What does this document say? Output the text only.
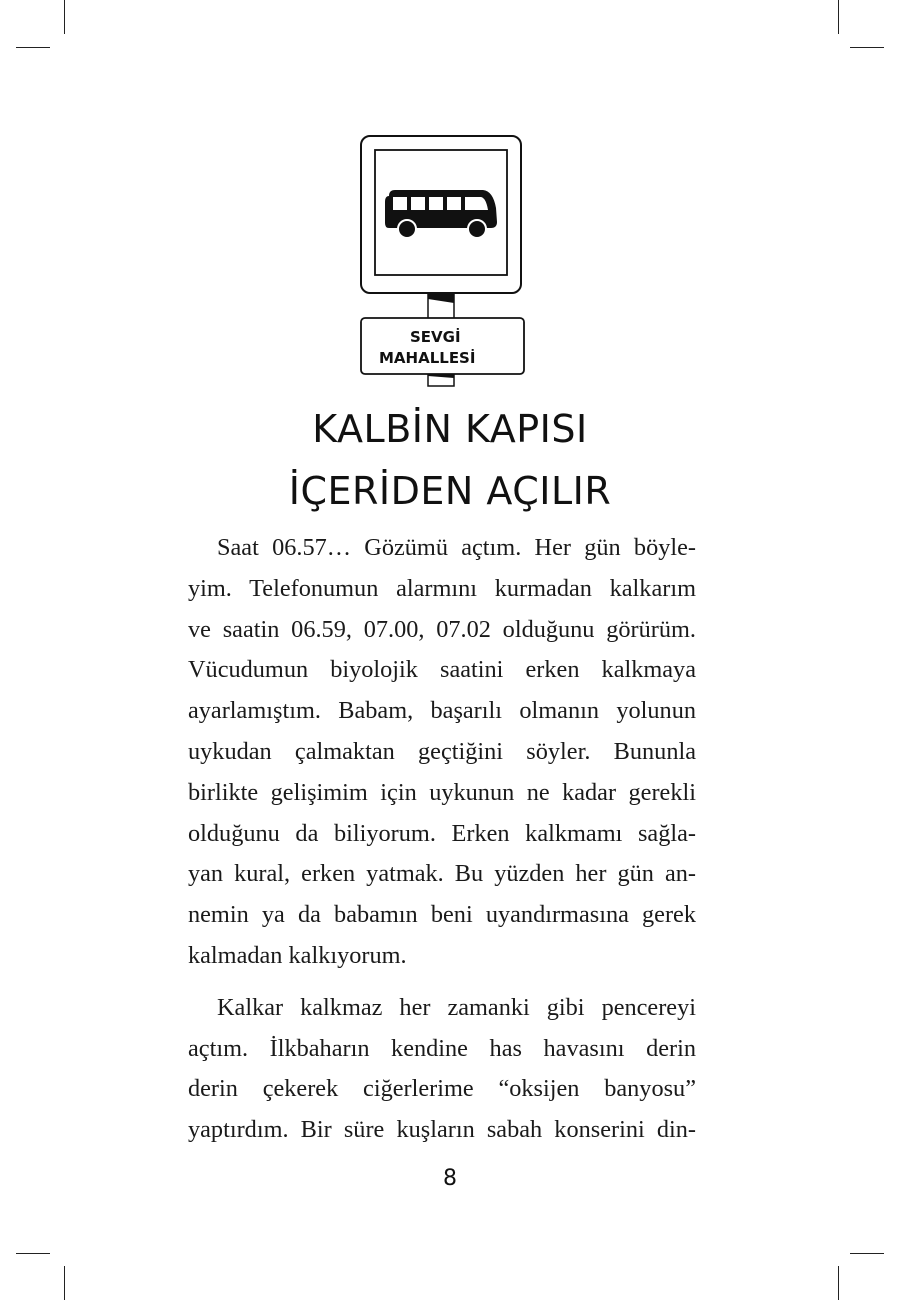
SEVGİ
MAHALLESİ
KALBİN KAPISI
İÇERİDEN AÇILIR

Saat 06.57… Gözümü açtım. Her gün böyle-
yim. Telefonumun alarmını kurmadan kalkarım
ve saatin 06.59, 07.00, 07.02 olduğunu görürüm.
Vücudumun biyolojik saatini erken kalkmaya
ayarlamıştım. Babam, başarılı olmanın yolunun
uykudan çalmaktan geçtiğini söyler. Bununla
birlikte gelişimim için uykunun ne kadar gerekli
olduğunu da biliyorum. Erken kalkmamı sağla-
yan kural, erken yatmak. Bu yüzden her gün an-
nemin ya da babamın beni uyandırmasına gerek
kalmadan kalkıyorum.

Kalkar kalkmaz her zamanki gibi pencereyi
açtım. İlkbaharın kendine has havasını derin
derin çekerek ciğerlerime “oksijen banyosu”
yaptırdım. Bir süre kuşların sabah konserini din-

8
